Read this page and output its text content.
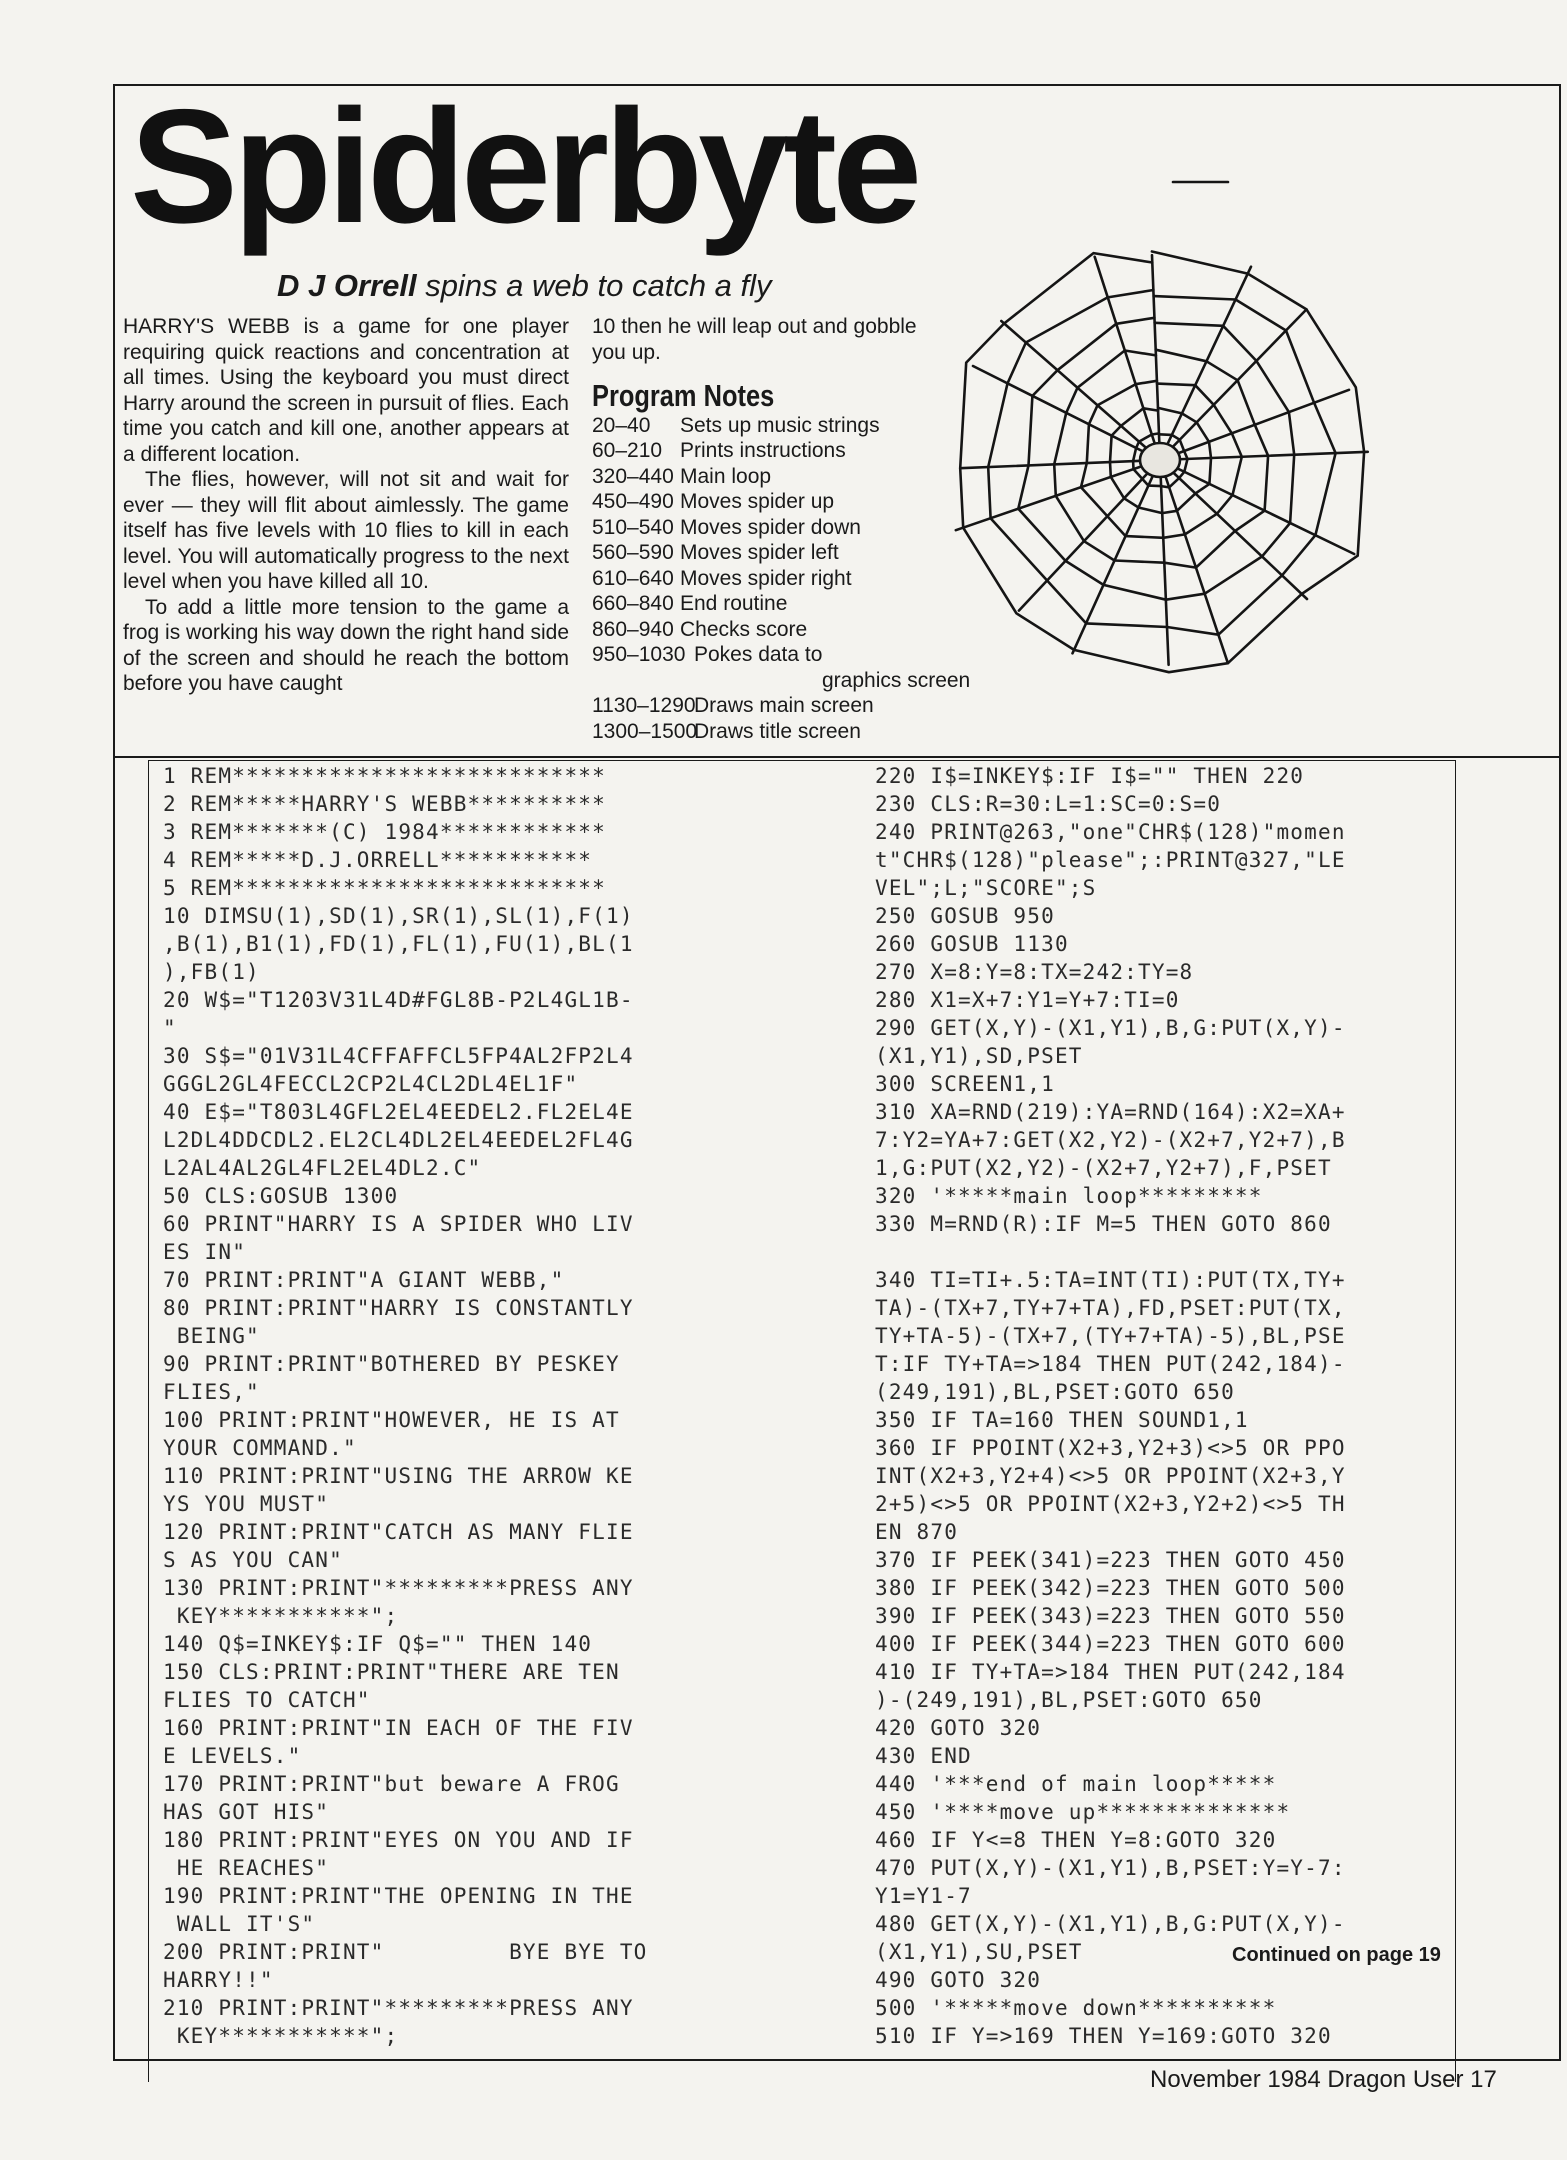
Spiderbyte
D J Orrell spins a web to catch a fly

HARRY'S WEBB is a game for one player requiring quick reactions and concentration at all times. Using the keyboard you must direct Harry around the screen in pursuit of flies. Each time you catch and kill one, another appears at a different location.

The flies, however, will not sit and wait for ever — they will flit about aimlessly. The game itself has five levels with 10 flies to kill in each level. You will automatically progress to the next level when you have killed all 10.

To add a little more tension to the game a frog is working his way down the right hand side of the screen and should he reach the bottom before you have caught

10 then he will leap out and gobble you up.

Program Notes
20–40	Sets up music strings
60–210 Prints instructions
320–440 Main loop
450–490 Moves spider up
510–540 Moves spider down
560–590 Moves spider left
610–640 Moves spider right
660–840 End routine
860–940 Checks score
950–1030 Pokes data to
graphics screen
1130–1290
Draws main screen
1300–1500
Draws title screen
1 REM***************************
2 REM*****HARRY'S WEBB**********
3 REM*******(C) 1984************
4 REM*****D.J.ORRELL***********
5 REM***************************
10 DIMSU(1),SD(1),SR(1),SL(1),F(1)
,B(1),B1(1),FD(1),FL(1),FU(1),BL(1
),FB(1)
20 W$="T1203V31L4D#FGL8B-P2L4GL1B-
"
30 S$="01V31L4CFFAFFCL5FP4AL2FP2L4
GGGL2GL4FECCL2CP2L4CL2DL4EL1F"
40 E$="T803L4GFL2EL4EEDEL2.FL2EL4E
L2DL4DDCDL2.EL2CL4DL2EL4EEDEL2FL4G
L2AL4AL2GL4FL2EL4DL2.C"
50 CLS:GOSUB 1300
60 PRINT"HARRY IS A SPIDER WHO LIV
ES IN"
70 PRINT:PRINT"A GIANT WEBB,"
80 PRINT:PRINT"HARRY IS CONSTANTLY
BEING"
90 PRINT:PRINT"BOTHERED BY PESKEY
FLIES,"
100 PRINT:PRINT"HOWEVER, HE IS AT
YOUR COMMAND."
110 PRINT:PRINT"USING THE ARROW KE
YS YOU MUST"
120 PRINT:PRINT"CATCH AS MANY FLIE
S AS YOU CAN"
130 PRINT:PRINT"*********PRESS ANY
KEY***********";
140 Q$=INKEY$:IF Q$="" THEN 140
150 CLS:PRINT:PRINT"THERE ARE TEN
FLIES TO CATCH"
160 PRINT:PRINT"IN EACH OF THE FIV
E LEVELS."
170 PRINT:PRINT"but beware A FROG
HAS GOT HIS"
180 PRINT:PRINT"EYES ON YOU AND IF
HE REACHES"
190 PRINT:PRINT"THE OPENING IN THE
WALL IT'S"
200 PRINT:PRINT"         BYE BYE TO
HARRY!!"
210 PRINT:PRINT"*********PRESS ANY
KEY***********";
220 I$=INKEY$:IF I$="" THEN 220
230 CLS:R=30:L=1:SC=0:S=0
240 PRINT@263,"one"CHR$(128)"momen
t"CHR$(128)"please";:PRINT@327,"LE
VEL";L;"SCORE";S
250 GOSUB 950
260 GOSUB 1130
270 X=8:Y=8:TX=242:TY=8
280 X1=X+7:Y1=Y+7:TI=0
290 GET(X,Y)-(X1,Y1),B,G:PUT(X,Y)-
(X1,Y1),SD,PSET
300 SCREEN1,1
310 XA=RND(219):YA=RND(164):X2=XA+
7:Y2=YA+7:GET(X2,Y2)-(X2+7,Y2+7),B
1,G:PUT(X2,Y2)-(X2+7,Y2+7),F,PSET
320 '*****main loop*********
330 M=RND(R):IF M=5 THEN GOTO 860

340 TI=TI+.5:TA=INT(TI):PUT(TX,TY+
TA)-(TX+7,TY+7+TA),FD,PSET:PUT(TX,
TY+TA-5)-(TX+7,(TY+7+TA)-5),BL,PSE
T:IF TY+TA=>184 THEN PUT(242,184)-
(249,191),BL,PSET:GOTO 650
350 IF TA=160 THEN SOUND1,1
360 IF PPOINT(X2+3,Y2+3)<>5 OR PPO
INT(X2+3,Y2+4)<>5 OR PPOINT(X2+3,Y
2+5)<>5 OR PPOINT(X2+3,Y2+2)<>5 TH
EN 870
370 IF PEEK(341)=223 THEN GOTO 450
380 IF PEEK(342)=223 THEN GOTO 500
390 IF PEEK(343)=223 THEN GOTO 550
400 IF PEEK(344)=223 THEN GOTO 600
410 IF TY+TA=>184 THEN PUT(242,184
)-(249,191),BL,PSET:GOTO 650
420 GOTO 320
430 END
440 '***end of main loop*****
450 '****move up**************
460 IF Y<=8 THEN Y=8:GOTO 320
470 PUT(X,Y)-(X1,Y1),B,PSET:Y=Y-7:
Y1=Y1-7
480 GET(X,Y)-(X1,Y1),B,G:PUT(X,Y)-
(X1,Y1),SU,PSET
490 GOTO 320
500 '*****move down**********
510 IF Y=>169 THEN Y=169:GOTO 320
Continued on page 19
November 1984 Dragon User 17
